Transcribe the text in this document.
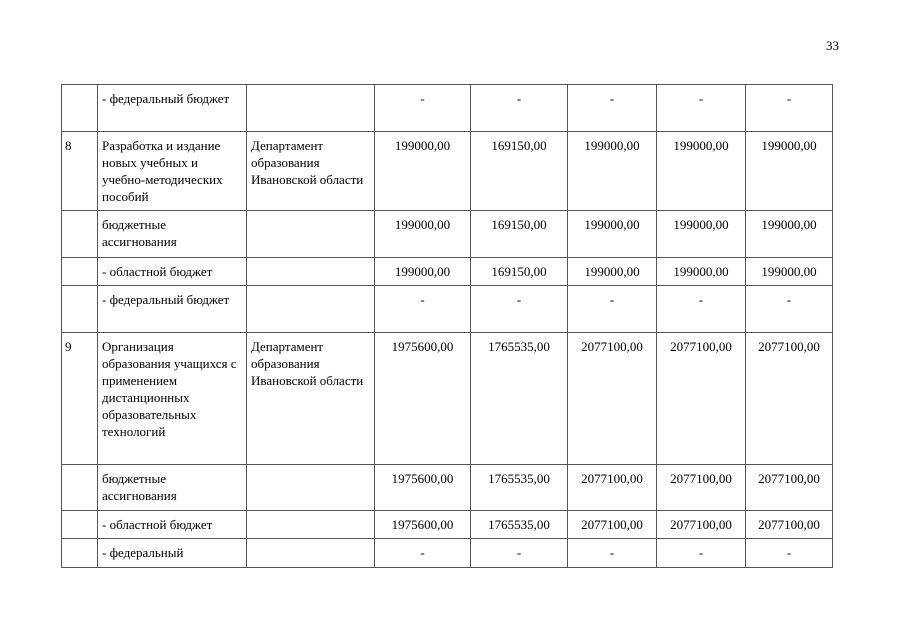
33
	- федеральный бюджет		-	-	-	-	-
8	Разработка и издание новых учебных и учебно-методических пособий	Департамент образования Ивановской области	199000,00	169150,00	199000,00	199000,00	199000,00
	бюджетные ассигнования		199000,00	169150,00	199000,00	199000,00	199000,00
	- областной бюджет		199000,00	169150,00	199000,00	199000,00	199000,00
	- федеральный бюджет		-	-	-	-	-
9	Организация образования учащихся с применением дистанционных образовательных технологий	Департамент образования Ивановской области	1975600,00	1765535,00	2077100,00	2077100,00	2077100,00
	бюджетные ассигнования		1975600,00	1765535,00	2077100,00	2077100,00	2077100,00
	- областной бюджет		1975600,00	1765535,00	2077100,00	2077100,00	2077100,00
	- федеральный		-	-	-	-	-
